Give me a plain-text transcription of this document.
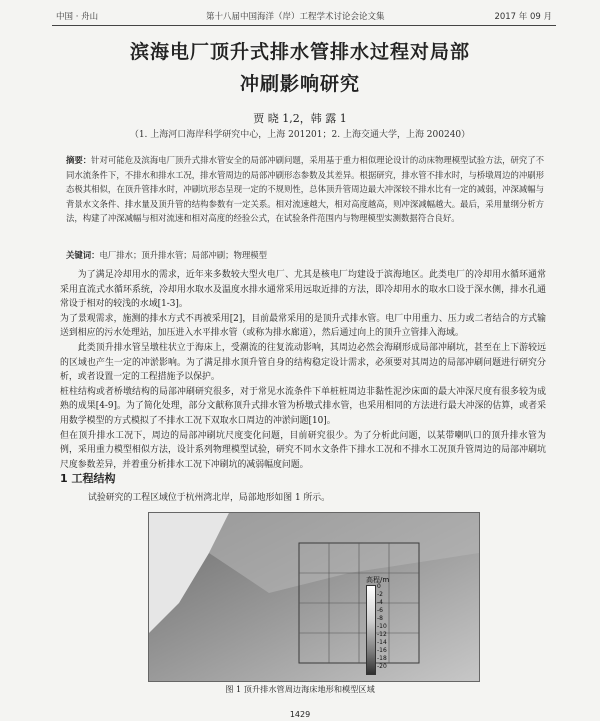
中国 · 舟山	第十八届中国海洋（岸）工程学术讨论会论文集	2017 年 09 月
滨海电厂顶升式排水管排水过程对局部
冲刷影响研究
贾 晓 1,2，韩 露 1
（1. 上海河口海岸科学研究中心，上海 201201；2. 上海交通大学，上海 200240）
摘要：针对可能危及滨海电厂顶升式排水管安全的局部冲刷问题，采用基于重力相似理论设计的动床物理模型试验方法，研究了不同水流条件下，不排水和排水工况，排水管周边的局部冲刷形态参数及其差异。根据研究，排水管不排水时，与桥墩周边的冲刷形态极其相似，在顶升管排水时，冲刷坑形态呈现一定的不规则性，总体顶升管周边最大冲深较不排水比有一定的减弱，冲深减幅与背景水文条件、排水量及顶升管的结构参数有一定关系。相对流速越大，相对高度越高，则冲深减幅越大。最后，采用量纲分析方法，构建了冲深减幅与相对流速和相对高度的经验公式，在试验条件范围内与物理模型实测数据符合良好。
关键词：电厂排水；顶升排水管；局部冲刷；物理模型

为了满足冷却用水的需求，近年来多数较大型火电厂、尤其是核电厂均建设于滨海地区。此类电厂的冷却用水循环通常采用直流式水循环系统，冷却用水取水及温度水排水通常采用远取近排的方法，即冷却用水的取水口设于深水侧，排水孔通常设于相对的较浅的水域[1-3]。

为了景观需求，施测的排水方式不再被采用[2]，目前最常采用的是顶升式排水管。电厂中用重力、压力或二者结合的方式输送到相应的污水处理站，加压进入水平排水管（或称为排水廊道），然后通过向上的顶升立管排入海域。

此类顶升排水管呈墩柱状立于海床上，受潮流的往复流动影响，其周边必然会海刷形成局部冲刷坑，甚至在上下游较远的区域也产生一定的冲淤影响。为了满足排水顶升管自身的结构稳定设计需求，必须要对其周边的局部冲刷问题进行研究分析，或者设置一定的工程措施予以保护。

桩柱结构或者桥墩结构的局部冲刷研究很多，对于常见水流条件下单桩桩周边非黏性泥沙床面的最大冲深尺度有很多较为成熟的成果[4-9]。为了简化处理，部分文献称顶升式排水管为桥墩式排水管，也采用相同的方法进行最大冲深的估算，或者采用数学模型的方式模拟了不排水工况下双取水口周边的冲淤问题[10]。

但在顶升排水工况下，周边的局部冲刷坑尺度变化问题，目前研究很少。为了分析此问题，以某带喇叭口的顶升排水管为例，采用重力模型相似方法，设计系列物理模型试验，研究不同水文条件下排水工况和不排水工况顶升管周边的局部冲刷坑尺度参数差异，并着重分析排水工况下冲刷坑的减弱幅度问题。

1 工程结构
试验研究的工程区域位于杭州湾北岸，局部地形如图 1 所示。
高程/m
0
-2
-4
-6
-8
-10
-12
-14
-16
-18
-20
图 1 顶升排水管周边海床地形和模型区域
1429
